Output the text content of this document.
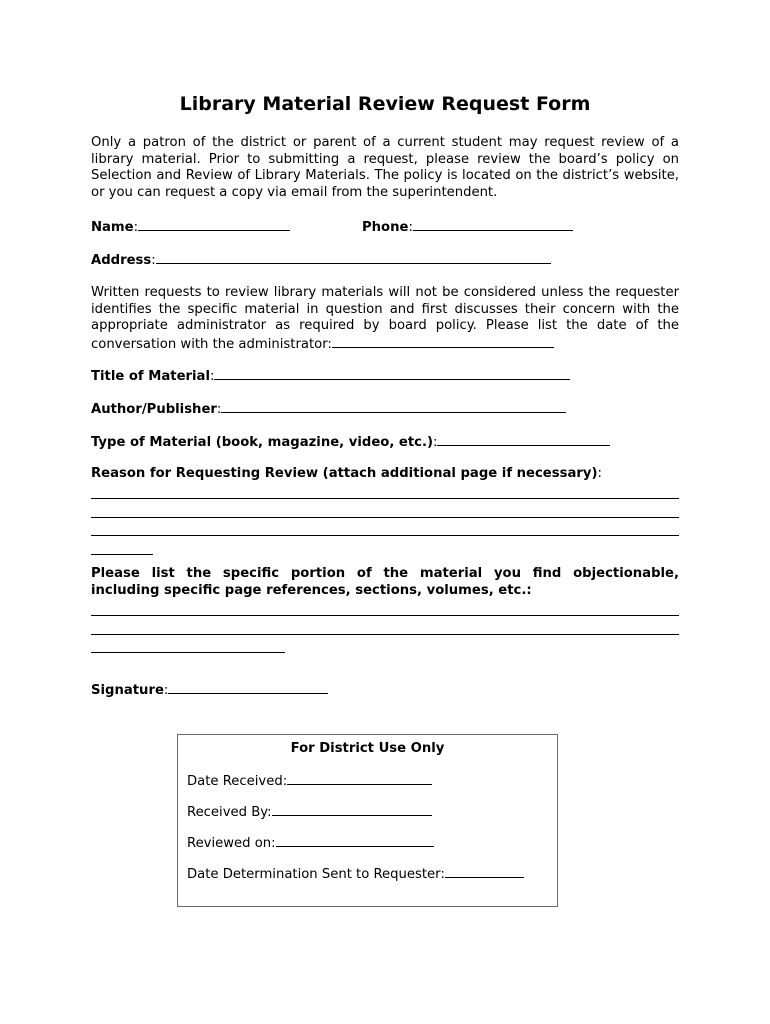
Library Material Review Request Form

Only a patron of the district or parent of a current student may request review of a library material. Prior to submitting a request, please review the board’s policy on Selection and Review of Library Materials. The policy is located on the district’s website, or you can request a copy via email from the superintendent.

Name:	Phone:
Address:

Written requests to review library materials will not be considered unless the requester identifies the specific material in question and first discusses their concern with the appropriate administrator as required by board policy. Please list the date of the conversation with the administrator:

Title of Material:
Author/Publisher:
Type of Material (book, magazine, video, etc.):
Reason for Requesting Review (attach additional page if necessary):

Please list the specific portion of the material you find objectionable, including specific page references, sections, volumes, etc.:

Signature:
For District Use Only
Date Received:
Received By:
Reviewed on:
Date Determination Sent to Requester:
